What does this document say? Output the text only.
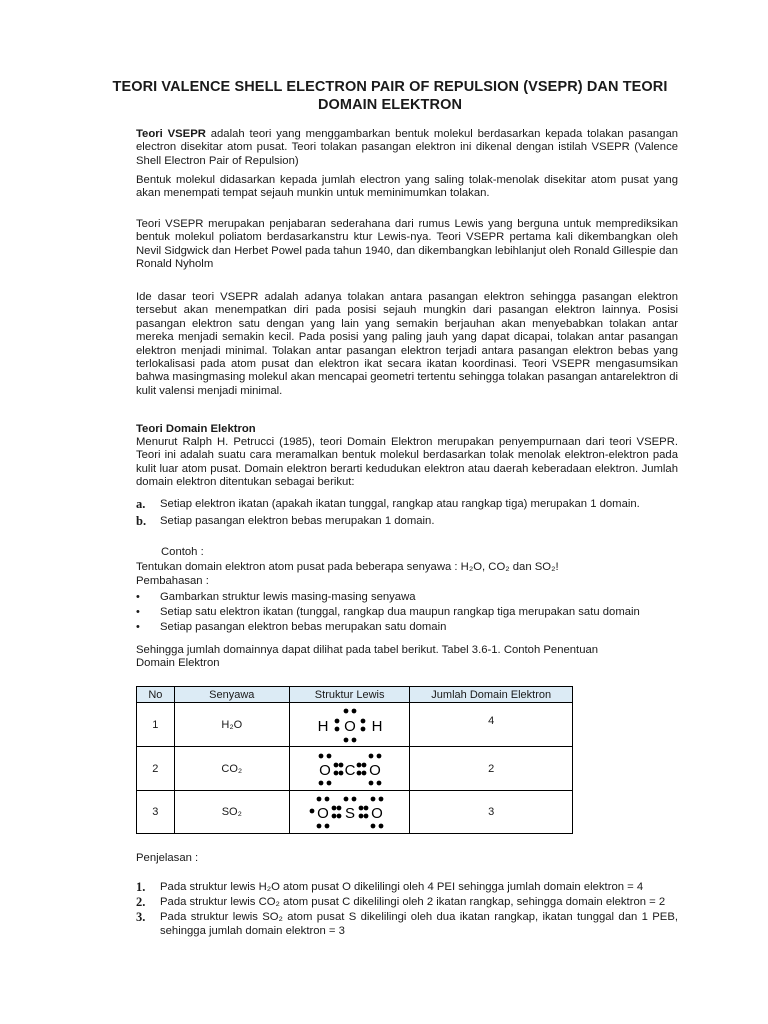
TEORI VALENCE SHELL ELECTRON PAIR OF REPULSION (VSEPR) DAN TEORI DOMAIN ELEKTRON
Teori VSEPR adalah teori yang menggambarkan bentuk molekul berdasarkan kepada tolakan pasangan electron disekitar atom pusat. Teori tolakan pasangan elektron ini dikenal dengan istilah VSEPR (Valence Shell Electron Pair of Repulsion)
Bentuk molekul didasarkan kepada jumlah electron yang saling tolak-menolak disekitar atom pusat yang akan menempati tempat sejauh munkin untuk meminimumkan tolakan.
Teori VSEPR merupakan penjabaran sederahana dari rumus Lewis yang berguna untuk memprediksikan bentuk molekul poliatom berdasarkanstru ktur Lewis-nya. Teori VSEPR pertama kali dikembangkan oleh Nevil Sidgwick dan Herbet Powel pada tahun 1940, dan dikembangkan lebihlanjut oleh Ronald Gillespie dan Ronald Nyholm
Ide dasar teori VSEPR adalah adanya tolakan antara pasangan elektron sehingga pasangan elektron tersebut akan menempatkan diri pada posisi sejauh mungkin dari pasangan elektron lainnya. Posisi pasangan elektron satu dengan yang lain yang semakin berjauhan akan menyebabkan tolakan antar mereka menjadi semakin kecil. Pada posisi yang paling jauh yang dapat dicapai, tolakan antar pasangan elektron menjadi minimal. Tolakan antar pasangan elektron terjadi antara pasangan elektron bebas yang terlokalisasi pada atom pusat dan elektron ikat secara ikatan koordinasi. Teori VSEPR mengasumsikan bahwa masingmasing molekul akan mencapai geometri tertentu sehingga tolakan pasangan antarelektron di kulit valensi menjadi minimal.
Teori Domain Elektron
Menurut Ralph H. Petrucci (1985), teori Domain Elektron merupakan penyempurnaan dari teori VSEPR. Teori ini adalah suatu cara meramalkan bentuk molekul berdasarkan tolak menolak elektron-elektron pada kulit luar atom pusat. Domain elektron berarti kedudukan elektron atau daerah keberadaan elektron. Jumlah domain elektron ditentukan sebagai berikut:
a. Setiap elektron ikatan (apakah ikatan tunggal, rangkap atau rangkap tiga) merupakan 1 domain.
b. Setiap pasangan elektron bebas merupakan 1 domain.
Contoh :
Tentukan domain elektron atom pusat pada beberapa senyawa : H₂O, CO₂ dan SO₂!
Pembahasan :
• Gambarkan struktur lewis masing-masing senyawa
• Setiap satu elektron ikatan (tunggal, rangkap dua maupun rangkap tiga merupakan satu domain
• Setiap pasangan elektron bebas merupakan satu domain
Sehingga jumlah domainnya dapat dilihat pada tabel berikut. Tabel 3.6-1. Contoh Penentuan Domain Elektron
No	Senyawa	Struktur Lewis	Jumlah Domain Elektron
1	H₂O	H O H	4
2	CO₂	O C O	2
3	SO₂	O S O	3
Penjelasan :
1. Pada struktur lewis H₂O atom pusat O dikelilingi oleh 4 PEI sehingga jumlah domain elektron = 4
2. Pada struktur lewis CO₂ atom pusat C dikelilingi oleh 2 ikatan rangkap, sehingga domain elektron = 2
3. Pada struktur lewis SO₂ atom pusat S dikelilingi oleh dua ikatan rangkap, ikatan tunggal dan 1 PEB, sehingga jumlah domain elektron = 3
